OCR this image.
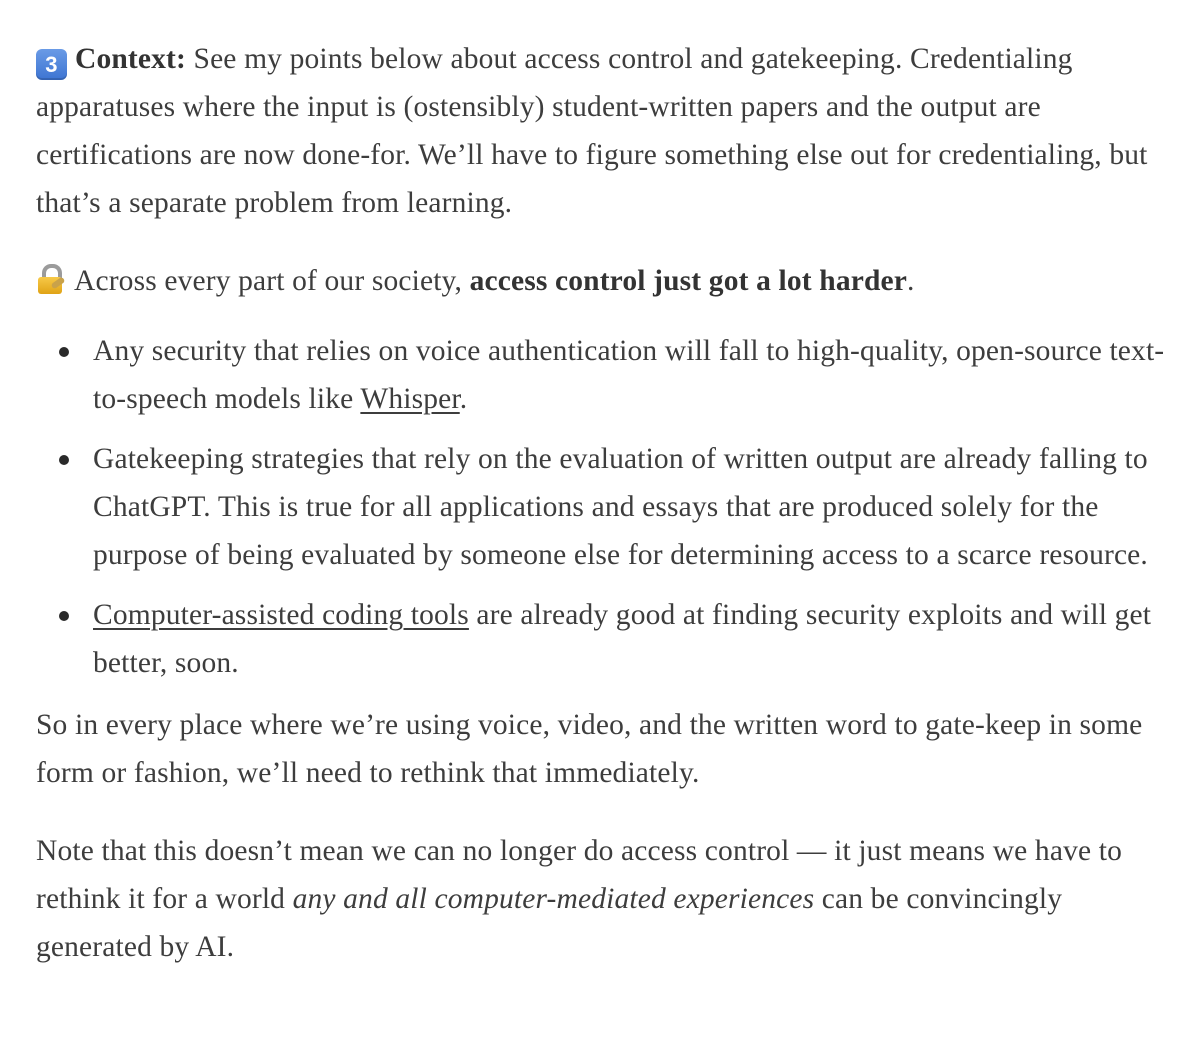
3 Context: See my points below about access control and gatekeeping. Credentialing apparatuses where the input is (ostensibly) student-written papers and the output are certifications are now done-for. We’ll have to figure something else out for credentialing, but that’s a separate problem from learning.

Across every part of our society, access control just got a lot harder.

Any security that relies on voice authentication will fall to high-quality, open-source text-to-speech models like Whisper.
Gatekeeping strategies that rely on the evaluation of written output are already falling to ChatGPT. This is true for all applications and essays that are produced solely for the purpose of being evaluated by someone else for determining access to a scarce resource.
Computer-assisted coding tools are already good at finding security exploits and will get better, soon.

So in every place where we’re using voice, video, and the written word to gate-keep in some form or fashion, we’ll need to rethink that immediately.

Note that this doesn’t mean we can no longer do access control — it just means we have to rethink it for a world any and all computer-mediated experiences can be convincingly generated by AI.
